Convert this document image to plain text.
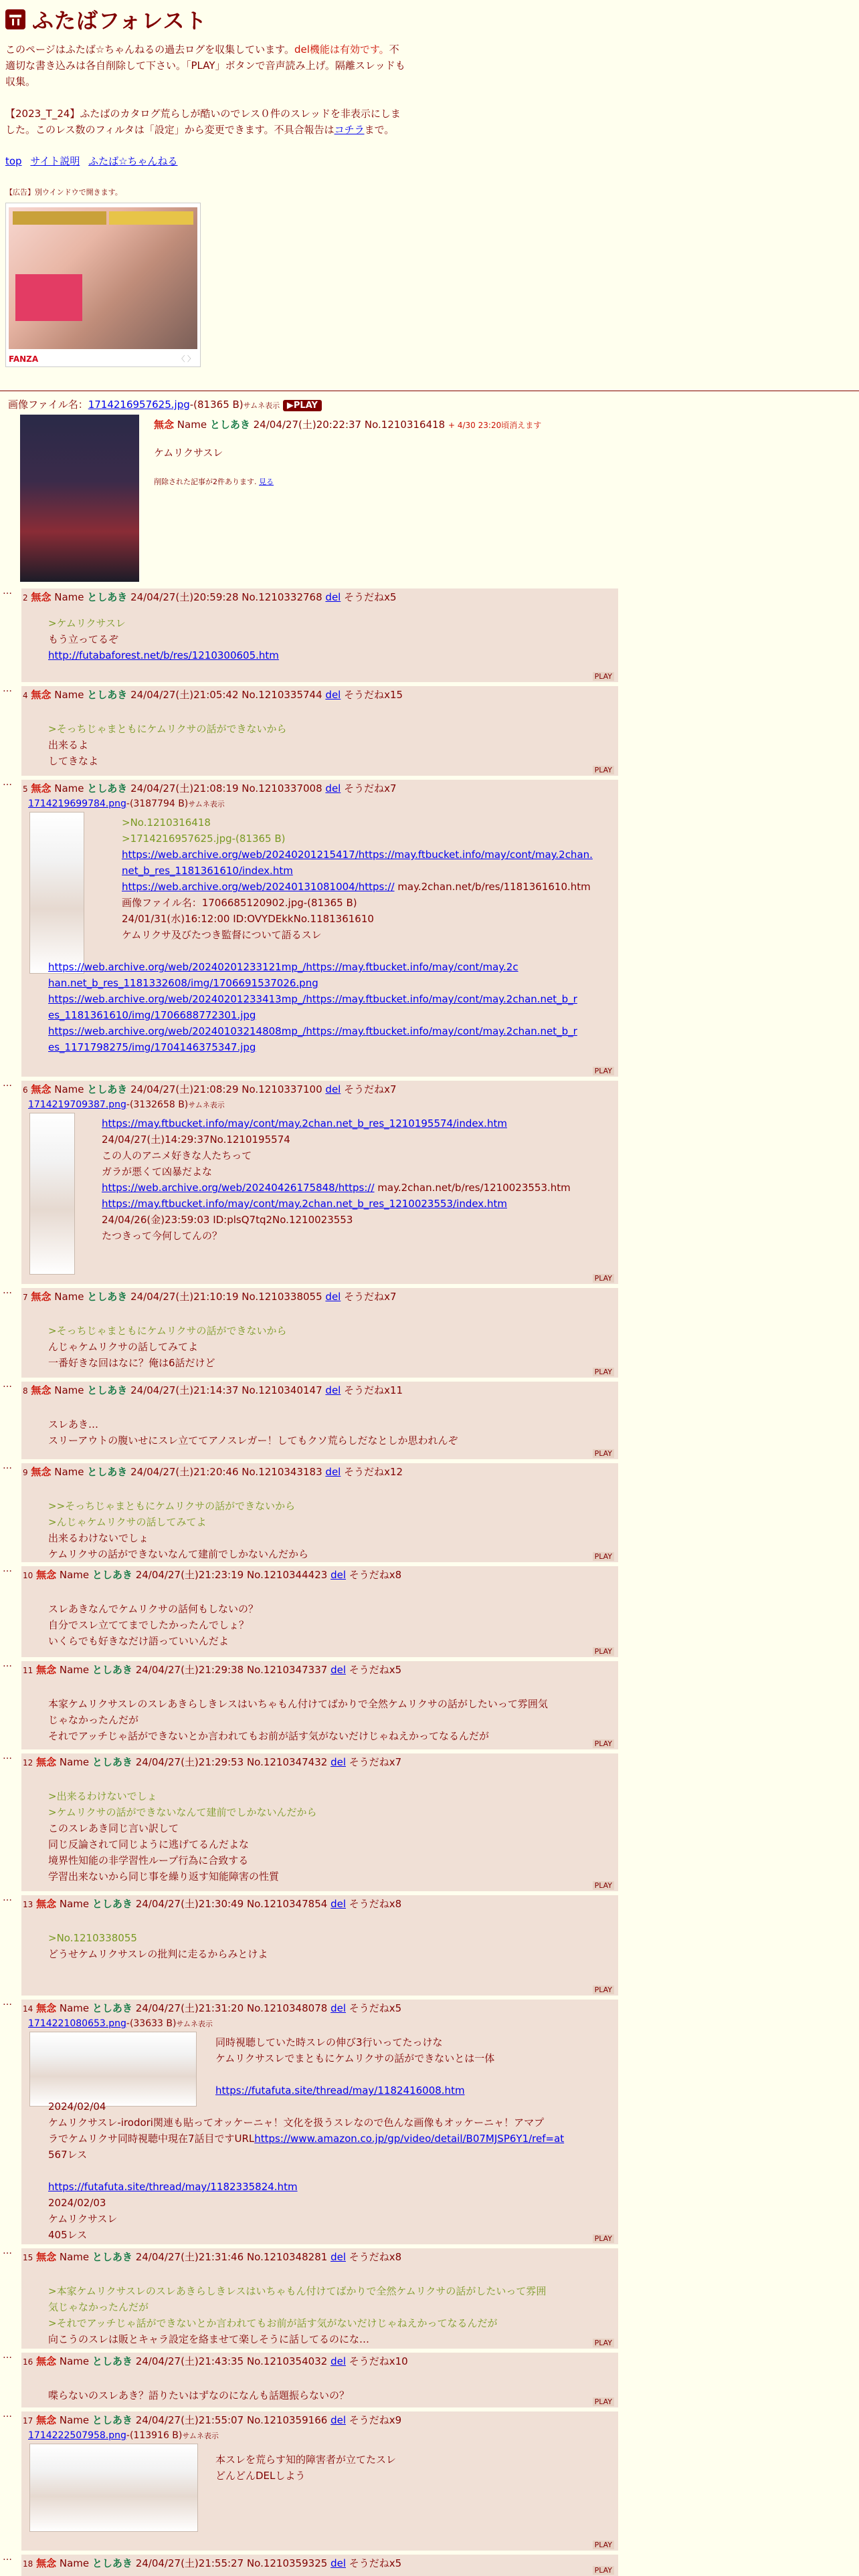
ふたばフォレスト

このページはふたば☆ちゃんねるの過去ログを収集しています。del機能は有効です。不適切な書き込みは各自削除して下さい。「PLAY」ボタンで音声読み上げ。隔離スレッドも収集。

【2023_T_24】ふたばのカタログ荒らしが酷いのでレス０件のスレッドを非表示にしました。このレス数のフィルタは「設定」から変更できます。不具合報告はコチラまで。

top サイト説明 ふたば☆ちゃんねる
【広告】別ウインドウで開きます。
FANZA	〈 〉
画像ファイル名：1714216957625.jpg-(81365 B)サムネ表示 ▶PLAY
無念 Name としあき 24/04/27(土)20:22:37 No.1210316418 + 4/30 23:20頃消えます
ケムリクサスレ
削除された記事が2件あります. 見る
…
2 無念 Name としあき 24/04/27(土)20:59:28 No.1210332768 del そうだねx5
>ケムリクサスレ
もう立ってるぞ
http://futabaforest.net/b/res/1210300605.htm
PLAY
…
4 無念 Name としあき 24/04/27(土)21:05:42 No.1210335744 del そうだねx15
>そっちじゃまともにケムリクサの話ができないから
出来るよ
してきなよ
PLAY
…
5 無念 Name としあき 24/04/27(土)21:08:19 No.1210337008 del そうだねx7
1714219699784.png-(3187794 B)サムネ表示
>No.1210316418
>1714216957625.jpg-(81365 B)
https://web.archive.org/web/20240201215417/https://may.ftbucket.info/may/cont/may.2chan.
net_b_res_1181361610/index.htm
https://web.archive.org/web/20240131081004/https:// may.2chan.net/b/res/1181361610.htm
画像ファイル名：1706685120902.jpg-(81365 B)
24/01/31(水)16:12:00 ID:OVYDEkkNo.1181361610
ケムリクサ及びたつき監督について語るスレ

https://web.archive.org/web/20240201233121mp_/https://may.ftbucket.info/may/cont/may.2c
han.net_b_res_1181332608/img/1706691537026.png
https://web.archive.org/web/20240201233413mp_/https://may.ftbucket.info/may/cont/may.2chan.net_b_r
es_1181361610/img/1706688772301.jpg
https://web.archive.org/web/20240103214808mp_/https://may.ftbucket.info/may/cont/may.2chan.net_b_r
es_1171798275/img/1704146375347.jpg
PLAY
…
6 無念 Name としあき 24/04/27(土)21:08:29 No.1210337100 del そうだねx7
1714219709387.png-(3132658 B)サムネ表示
https://may.ftbucket.info/may/cont/may.2chan.net_b_res_1210195574/index.htm
24/04/27(土)14:29:37No.1210195574
この人のアニメ好きな人たちって
ガラが悪くて凶暴だよな
https://web.archive.org/web/20240426175848/https:// may.2chan.net/b/res/1210023553.htm
https://may.ftbucket.info/may/cont/may.2chan.net_b_res_1210023553/index.htm
24/04/26(金)23:59:03 ID:plsQ7tq2No.1210023553
たつきって今何してんの？
PLAY
…
7 無念 Name としあき 24/04/27(土)21:10:19 No.1210338055 del そうだねx7
>そっちじゃまともにケムリクサの話ができないから
んじゃケムリクサの話してみてよ
一番好きな回はなに？俺は6話だけど
PLAY
…
8 無念 Name としあき 24/04/27(土)21:14:37 No.1210340147 del そうだねx11
スレあき…
スリーアウトの腹いせにスレ立ててアノスレガー！してもクソ荒らしだなとしか思われんぞ
PLAY
…
9 無念 Name としあき 24/04/27(土)21:20:46 No.1210343183 del そうだねx12
>>そっちじゃまともにケムリクサの話ができないから
>んじゃケムリクサの話してみてよ
出来るわけないでしょ
ケムリクサの話ができないなんて建前でしかないんだから	PLAY
…
10 無念 Name としあき 24/04/27(土)21:23:19 No.1210344423 del そうだねx8
スレあきなんでケムリクサの話何もしないの？
自分でスレ立ててまでしたかったんでしょ？
いくらでも好きなだけ語っていいんだよ
PLAY
…
11 無念 Name としあき 24/04/27(土)21:29:38 No.1210347337 del そうだねx5
本家ケムリクサスレのスレあきらしきレスはいちゃもん付けてばかりで全然ケムリクサの話がしたいって雰囲気
じゃなかったんだが
それでアッチじゃ話ができないとか言われてもお前が話す気がないだけじゃねえかってなるんだが
PLAY
…
12 無念 Name としあき 24/04/27(土)21:29:53 No.1210347432 del そうだねx7
>出来るわけないでしょ
>ケムリクサの話ができないなんて建前でしかないんだから
このスレあき同じ言い訳して
同じ反論されて同じように逃げてるんだよな
境界性知能の非学習性ループ行為に合致する
学習出来ないから同じ事を繰り返す知能障害の性質
PLAY
…
13 無念 Name としあき 24/04/27(土)21:30:49 No.1210347854 del そうだねx8
>No.1210338055
どうせケムリクサスレの批判に走るからみとけよ
PLAY
…
14 無念 Name としあき 24/04/27(土)21:31:20 No.1210348078 del そうだねx5
1714221080653.png-(33633 B)サムネ表示
同時視聴していた時スレの伸び3行いってたっけな
ケムリクサスレでまともにケムリクサの話ができないとは一体

https://futafuta.site/thread/may/1182416008.htm
2024/02/04
ケムリクサスレ-irodori関連も貼ってオッケーニャ！文化を扱うスレなので色んな画像もオッケーニャ！アマプ
ラでケムリクサ同時視聴中現在7話目ですURLhttps://www.amazon.co.jp/gp/video/detail/B07MJSP6Y1/ref=at
567レス

https://futafuta.site/thread/may/1182335824.htm
2024/02/03
ケムリクサスレ
405レス	PLAY
…
15 無念 Name としあき 24/04/27(土)21:31:46 No.1210348281 del そうだねx8
>本家ケムリクサスレのスレあきらしきレスはいちゃもん付けてばかりで全然ケムリクサの話がしたいって雰囲
気じゃなかったんだが
>それでアッチじゃ話ができないとか言われてもお前が話す気がないだけじゃねえかってなるんだが
向こうのスレは販とキャラ設定を絡ませて楽しそうに話してるのにな…	PLAY
…
16 無念 Name としあき 24/04/27(土)21:43:35 No.1210354032 del そうだねx10
喋らないのスレあき？語りたいはずなのになんも話題振らないの？
PLAY
…
17 無念 Name としあき 24/04/27(土)21:55:07 No.1210359166 del そうだねx9
1714222507958.png-(113916 B)サムネ表示
本スレを荒らす知的障害者が立てたスレ
どんどんDELしよう
PLAY
…
18 無念 Name としあき 24/04/27(土)21:55:27 No.1210359325 del そうだねx5
PLAY
